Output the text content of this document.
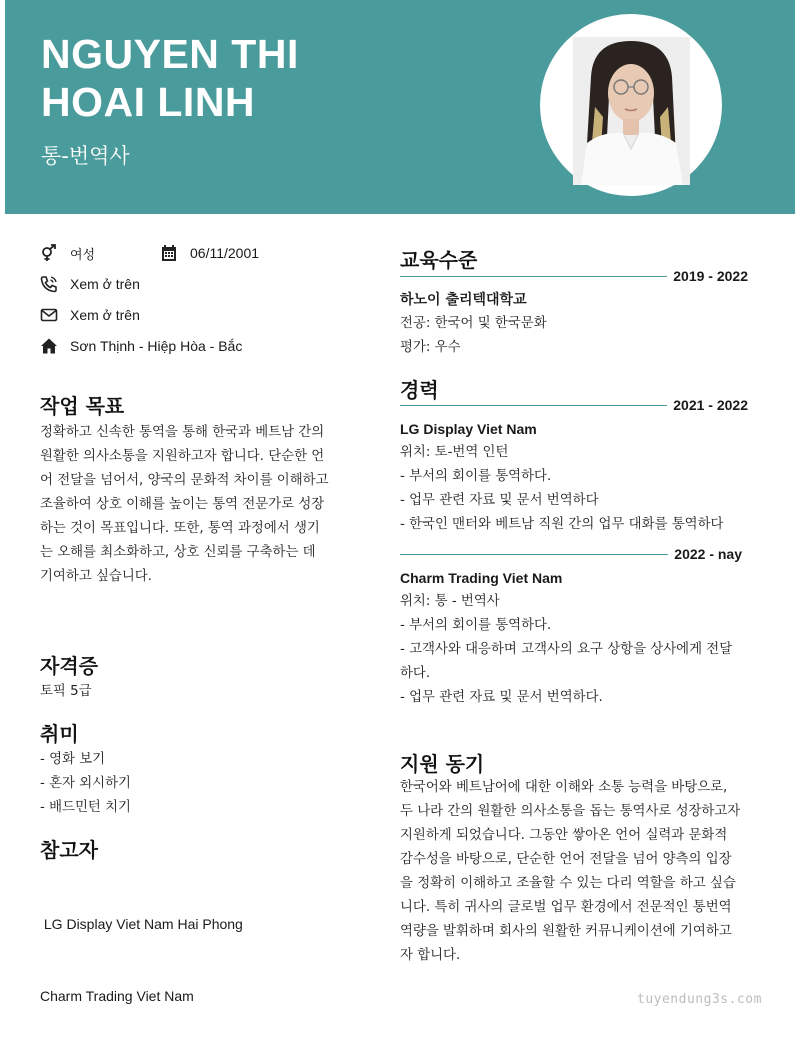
NGUYEN THI
HOAI LINH
통-번역사
여성	06/11/2001
Xem ở trên
Xem ở trên
Sơn Thịnh - Hiệp Hòa - Bắc
작업 목표
정확하고 신속한 통역을 통해 한국과 베트남 간의
원활한 의사소통을 지원하고자 합니다. 단순한 언
어 전달을 넘어서, 양국의 문화적 차이를 이해하고
조율하여 상호 이해를 높이는 통역 전문가로 성장
하는 것이 목표입니다. 또한, 통역 과정에서 생기
는 오해를 최소화하고, 상호 신뢰를 구축하는 데
기여하고 싶습니다.
자격증
토픽 5급
취미
- 영화 보기
- 혼자 외시하기
- 배드민턴 치기
참고자

LG Display Viet Nam Hai Phong

Charm Trading Viet Nam

교육수준
2019 - 2022
하노이 출리텍대학교
전공: 한국어 및 한국문화
평가: 우수
경력
2021 - 2022
LG Display Viet Nam
위치: 토-번역 인턴
- 부서의 회이를 통역하다.
- 업무 관련 자료 및 문서 번역하다
- 한국인 맨터와 베트남 직원 간의 업무 대화를 통역하다
2022 - nay
Charm Trading Viet Nam
위치: 통 - 번역사
- 부서의 회이를 통역하다.
- 고객사와 대응하며 고객사의 요구 상항을 상사에게 전달
하다.
- 업무 관련 자료 및 문서 번역하다.
지원 동기
한국어와 베트남어에 대한 이해와 소통 능력을 바탕으로,
두 나라 간의 원활한 의사소통을 돕는 통역사로 성장하고자
지원하게 되었습니다. 그동안 쌓아온 언어 실력과 문화적
감수성을 바탕으로, 단순한 언어 전달을 넘어 양측의 입장
을 정확히 이해하고 조율할 수 있는 다리 역할을 하고 싶습
니다. 특히 귀사의 글로벌 업무 환경에서 전문적인 통번역
역량을 발휘하며 회사의 원활한 커뮤니케이션에 기여하고
자 합니다.
tuyendung3s.com
